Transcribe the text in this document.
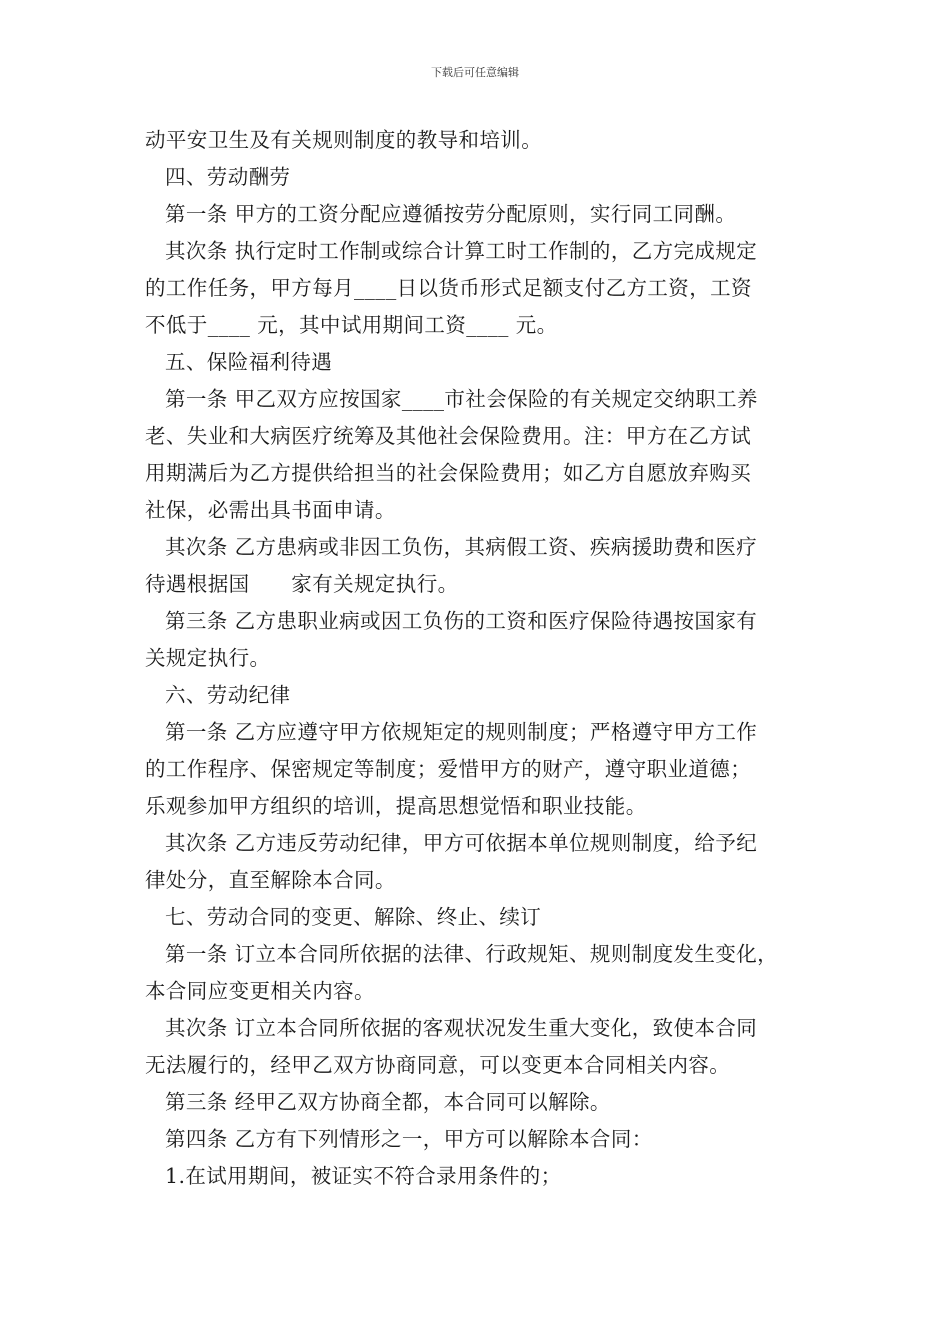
下载后可任意编辑

动平安卫生及有关规则制度的教导和培训。

四、劳动酬劳

第一条 甲方的工资分配应遵循按劳分配原则，实行同工同酬。

其次条 执行定时工作制或综合计算工时工作制的，乙方完成规定

的工作任务，甲方每月____日以货币形式足额支付乙方工资，工资

不低于____ 元，其中试用期间工资____ 元。

五、保险福利待遇

第一条 甲乙双方应按国家____市社会保险的有关规定交纳职工养

老、失业和大病医疗统筹及其他社会保险费用。注：甲方在乙方试

用期满后为乙方提供给担当的社会保险费用；如乙方自愿放弃购买

社保，必需出具书面申请。

其次条 乙方患病或非因工负伤，其病假工资、疾病援助费和医疗

待遇根据国　　家有关规定执行。

第三条 乙方患职业病或因工负伤的工资和医疗保险待遇按国家有

关规定执行。

六、劳动纪律

第一条 乙方应遵守甲方依规矩定的规则制度；严格遵守甲方工作

的工作程序、保密规定等制度；爱惜甲方的财产，遵守职业道德；

乐观参加甲方组织的培训，提高思想觉悟和职业技能。

其次条 乙方违反劳动纪律，甲方可依据本单位规则制度，给予纪

律处分，直至解除本合同。

七、劳动合同的变更、解除、终止、续订

第一条 订立本合同所依据的法律、行政规矩、规则制度发生变化，

本合同应变更相关内容。

其次条 订立本合同所依据的客观状况发生重大变化，致使本合同

无法履行的，经甲乙双方协商同意，可以变更本合同相关内容。

第三条 经甲乙双方协商全都，本合同可以解除。

第四条 乙方有下列情形之一，甲方可以解除本合同：

1.在试用期间，被证实不符合录用条件的；
